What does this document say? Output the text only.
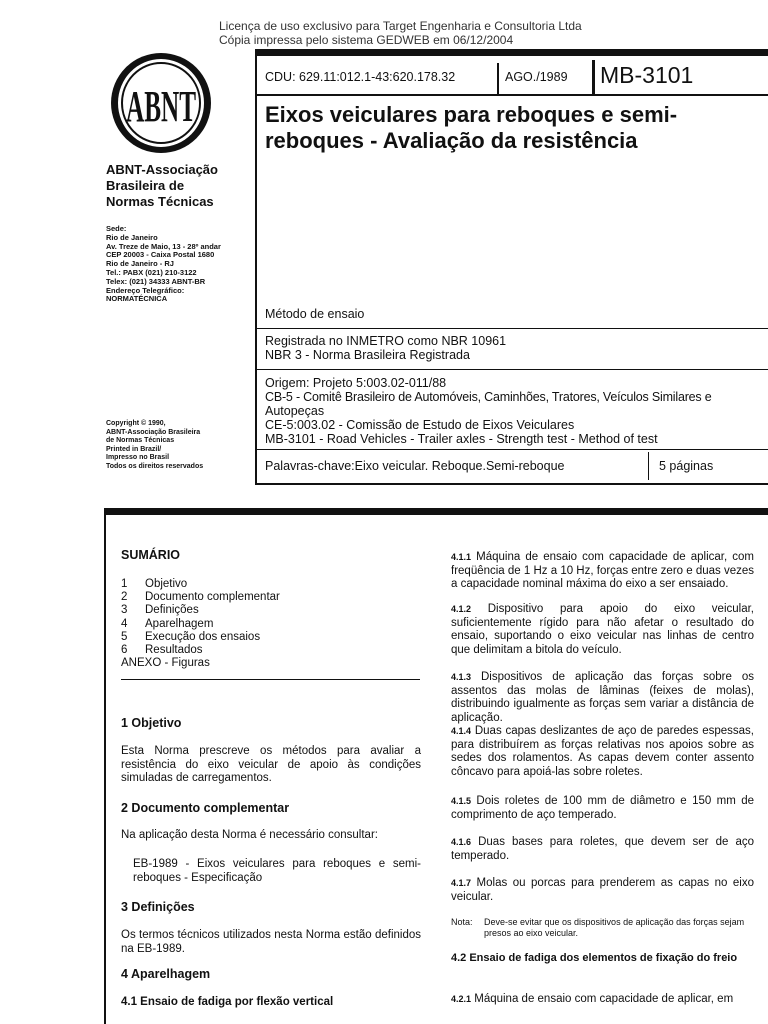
Licença de uso exclusivo para Target Engenharia e Consultoria Ltda
Cópia impressa pelo sistema GEDWEB em 06/12/2004
ABNT
ABNT-Associação
Brasileira de
Normas Técnicas
Sede:
Rio de Janeiro
Av. Treze de Maio, 13 - 28º andar
CEP 20003 - Caixa Postal 1680
Rio de Janeiro - RJ
Tel.: PABX (021) 210-3122
Telex: (021) 34333 ABNT-BR
Endereço Telegráfico:
NORMATÉCNICA
Copyright © 1990,
ABNT-Associação Brasileira
de Normas Técnicas
Printed in Brazil/
Impresso no Brasil
Todos os direitos reservados
CDU: 629.11:012.1-43:620.178.32	AGO./1989 MB-3101
Eixos veiculares para reboques e semi-
reboques - Avaliação da resistência
Método de ensaio
Registrada no INMETRO como NBR 10961
NBR 3 - Norma Brasileira Registrada
Origem: Projeto 5:003.02-011/88
CB-5 - Comitê Brasileiro de Automóveis, Caminhões, Tratores, Veículos Similares e
Autopeças
CE-5:003.02 - Comissão de Estudo de Eixos Veiculares
MB-3101 - Road Vehicles - Trailer axles - Strength test - Method of test
Palavras-chave:Eixo veicular. Reboque.Semi-reboque	5 páginas
SUMÁRIO
1	Objetivo
2	Documento complementar
3	Definições
4	Aparelhagem
5	Execução dos ensaios
6	Resultados
ANEXO - Figuras
1 Objetivo
Esta Norma prescreve os métodos para avaliar a resistência do eixo veicular de apoio às condições simuladas de carregamentos.
2 Documento complementar
Na aplicação desta Norma é necessário consultar:
EB-1989 - Eixos veiculares para reboques e semi-reboques - Especificação
3 Definições
Os termos técnicos utilizados nesta Norma estão definidos na EB-1989.
4 Aparelhagem
4.1 Ensaio de fadiga por flexão vertical
4.1.1 Máquina de ensaio com capacidade de aplicar, com freqüência de 1 Hz a 10 Hz, forças entre zero e duas vezes a capacidade nominal máxima do eixo a ser ensaiado.
4.1.2 Dispositivo para apoio do eixo veicular, suficientemente rígido para não afetar o resultado do ensaio, suportando o eixo veicular nas linhas de centro que delimitam a bitola do veículo.
4.1.3 Dispositivos de aplicação das forças sobre os assentos das molas de lâminas (feixes de molas), distribuindo igualmente as forças sem variar a distância de aplicação.
4.1.4 Duas capas deslizantes de aço de paredes espessas, para distribuírem as forças relativas nos apoios sobre as sedes dos rolamentos. As capas devem conter assento côncavo para apoiá-las sobre roletes.
4.1.5 Dois roletes de 100 mm de diâmetro e 150 mm de comprimento de aço temperado.
4.1.6 Duas bases para roletes, que devem ser de aço temperado.
4.1.7 Molas ou porcas para prenderem as capas no eixo veicular.
Nota:	Deve-se evitar que os dispositivos de aplicação das forças sejam presos ao eixo veicular.
4.2 Ensaio de fadiga dos elementos de fixação do freio
4.2.1 Máquina de ensaio com capacidade de aplicar, em
